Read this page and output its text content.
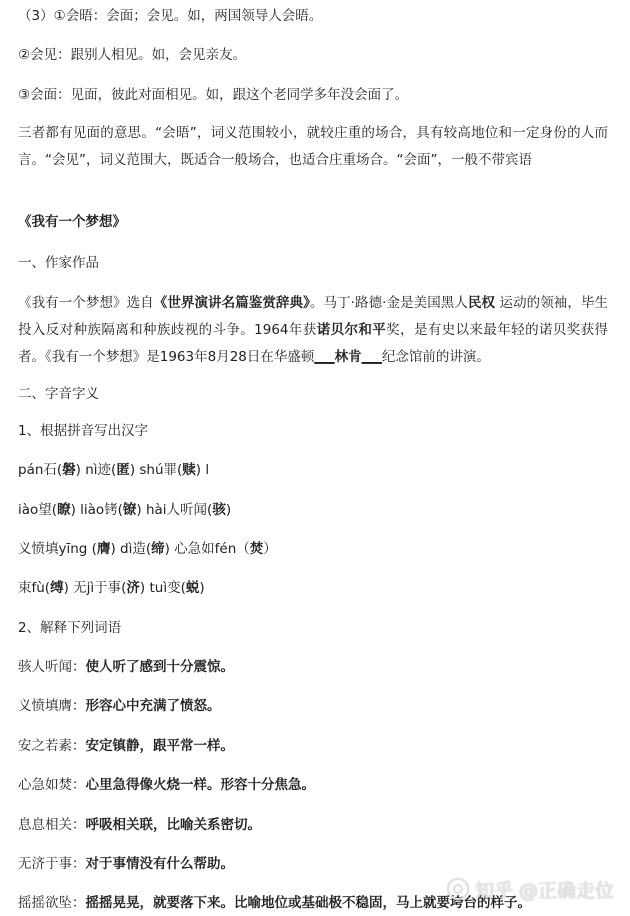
（3）①会晤：会面；会见。如，两国领导人会晤。
②会见：跟别人相见。如，会见亲友。
③会面：见面，彼此对面相见。如，跟这个老同学多年没会面了。
三者都有见面的意思。“会晤”，词义范围较小，就较庄重的场合，具有较高地位和一定身份的人而言。“会见”，词义范围大，既适合一般场合，也适合庄重场合。“会面”，一般不带宾语
《我有一个梦想》
一、作家作品
《我有一个梦想》选自《世界演讲名篇鉴赏辞典》。马丁·路德·金是美国黑人民权 运动的领袖，毕生投入反对种族隔离和种族歧视的斗争。1964年获诺贝尔和平奖，是有史以来最年轻的诺贝奖获得者。《我有一个梦想》是1963年8月28日在华盛顿___林肯___纪念馆前的讲演。
二、字音字义
1、根据拼音写出汉字
pán石(磐) nì迹(匿) shú罪(赎) l
iào望(瞭) liào铐(镣) hài人听闻(骇)
义愤填yīng (膺) dì造(缔) 心急如fén（焚）
束fù(缚) 无jì于事(济) tuì变(蜕)
2、解释下列词语
骇人听闻：使人听了感到十分震惊。
义愤填膺：形容心中充满了愤怒。
安之若素：安定镇静，跟平常一样。
心急如焚：心里急得像火烧一样。形容十分焦急。
息息相关：呼吸相关联，比喻关系密切。
无济于事：对于事情没有什么帮助。
摇摇欲坠：摇摇晃晃，就要落下来。比喻地位或基础极不稳固，马上就要垮台的样子。
知乎 @正确走位
